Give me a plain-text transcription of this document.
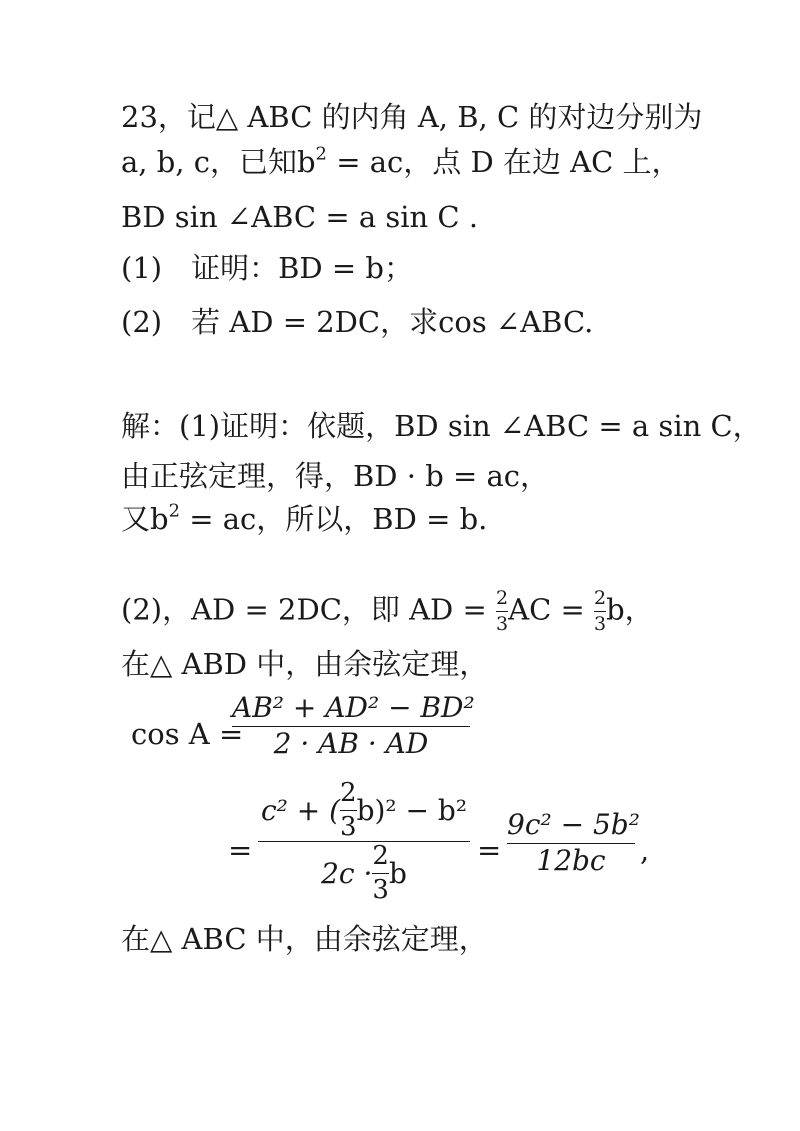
23，记△ ABC 的内角 A, B, C 的对边分别为
a, b, c，已知$b^2$ = ac，点 D 在边 AC 上，
BD sin ∠ABC = a sin C .
(1)　证明：BD = b；
(2)　若 AD = 2DC，求cos ∠ABC.
解：(1)证明：依题，BD sin ∠ABC = a sin C，
由正弦定理，得，BD · b = ac，
又$b^2$ = ac，所以，BD = b.
(2)，AD = 2DC，即 AD = $\frac{2}{3}$ AC = $\frac{2}{3}$ b，
在△ ABD 中，由余弦定理，
cos A =
AB² + AD² − BD²
2 · AB · AD
=
c² + ( $\frac{2}{3} b)^2 - b^2$
$2c \cdot \frac{2}{3}$ b
=
9c² − 5b²
12bc	,
在△ ABC 中，由余弦定理，
